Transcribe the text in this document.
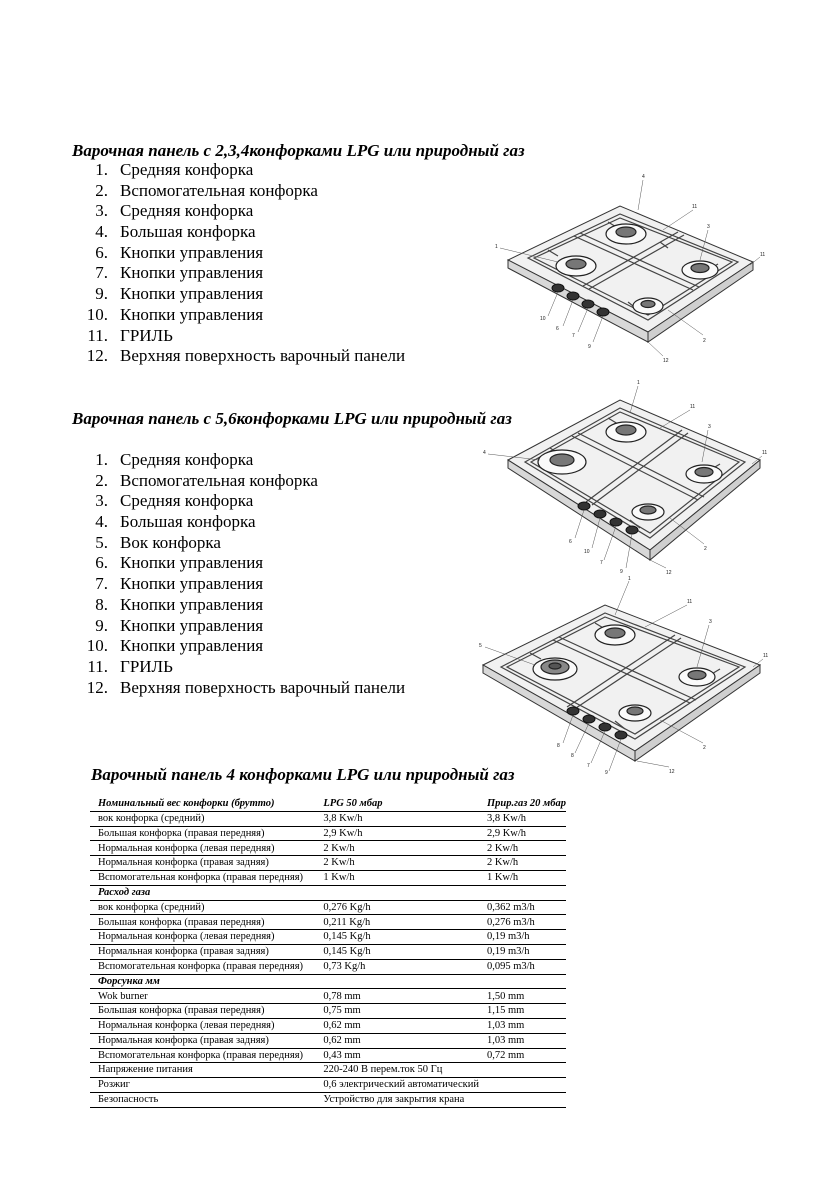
Варочная панель с 2,3,4конфорками LPG или природный газ
1. Средняя конфорка
2. Вспомогательная конфорка
3. Средняя конфорка
4. Большая конфорка
6. Кнопки управления
7. Кнопки управления
9. Кнопки управления
10. Кнопки управления
11. ГРИЛЬ
12. Верхняя поверхность варочный панели
4
11
3
1
11
10
6
7
9
2
12
Варочная панель с 5,6конфорками LPG или природный газ
1. Средняя конфорка
2. Вспомогательная конфорка
3. Средняя конфорка
4. Большая конфорка
5. Вок конфорка
6. Кнопки управления
7. Кнопки управления
8. Кнопки управления
9. Кнопки управления
10. Кнопки управления
11. ГРИЛЬ
12. Верхняя поверхность варочный панели
1
11
4
3
11
6
10
7
9
2
12
1
11
5
3
11
8
8
7
9
2
12
Варочный панель 4 конфорками LPG или природный газ
Номинальный вес конфорки (брутто)	LPG 50 мбар	Прир.газ 20 мбар
вок конфорка (средний)	3,8 Kw/h	3,8 Kw/h
Большая конфорка (правая передняя)	2,9 Kw/h	2,9 Kw/h
Нормальная конфорка (левая передняя)	2 Kw/h	2 Kw/h
Нормальная конфорка (правая задняя)	2 Kw/h	2 Kw/h
Вспомогательная конфорка (правая передняя)	1 Kw/h	1 Kw/h
Расход газа		
вок конфорка (средний)	0,276 Kg/h	0,362 m3/h
Большая конфорка (правая передняя)	0,211 Kg/h	0,276 m3/h
Нормальная конфорка (левая передняя)	0,145 Kg/h	0,19 m3/h
Нормальная конфорка (правая задняя)	0,145 Kg/h	0,19 m3/h
Вспомогательная конфорка (правая передняя)	0,73 Kg/h	0,095 m3/h
Форсунка мм		
Wok burner	0,78 mm	1,50 mm
Большая конфорка (правая передняя)	0,75 mm	1,15 mm
Нормальная конфорка (левая передняя)	0,62 mm	1,03 mm
Нормальная конфорка (правая задняя)	0,62 mm	1,03 mm
Вспомогательная конфорка (правая передняя)	0,43 mm	0,72 mm
Напряжение питания	220-240 В перем.ток 50 Гц	
Розжиг	0,6 электрический автоматический	
Безопасность	Устройство для закрытия крана	
